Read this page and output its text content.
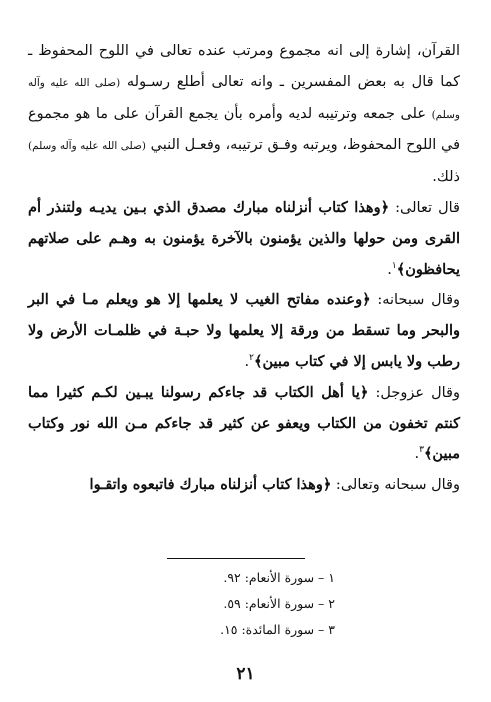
القرآن، إشارة إلى انه مجموع ومرتب عنده تعالى في اللوح المحفوظ ـ كما قال به بعض المفسرين ـ وانه تعالى أطلع رسـوله (صلى الله عليه وآله وسلم) على جمعه وترتيبه لديه وأمره بأن يجمع القرآن على ما هو مجموع في اللوح المحفوظ، ويرتبه وفـق ترتيبه، وفعـل النبي (صلى الله عليه وآله وسلم) ذلك.

قال تعالى: ﴿وهذا كتاب أنزلناه مبارك مصدق الذي بـين يديـه ولتنذر أم القرى ومن حولها والذين يؤمنون بالآخرة يؤمنون به وهـم على صلاتهم يحافظون﴾$^١$.

وقال سبحانه: ﴿وعنده مفاتح الغيب لا يعلمها إلا هو ويعلم مـا في البر والبحر وما تسقط من ورقة إلا يعلمها ولا حبـة في ظلمـات الأرض ولا رطب ولا يابس إلا في كتاب مبين﴾$^٢$.

وقال عزوجل: ﴿يا أهل الكتاب قد جاءكم رسولنا يبـين لكـم كثيرا مما كنتم تخفون من الكتاب ويعفو عن كثير قد جاءكم مـن الله نور وكتاب مبين﴾$^٣$.

وقال سبحانه وتعالى: ﴿وهذا كتاب أنزلناه مبارك فاتبعوه واتقـوا

١ – سورة الأنعام: ٩٢.

٢ – سورة الأنعام: ٥٩.

٣ – سورة المائدة: ١٥.

٢١
